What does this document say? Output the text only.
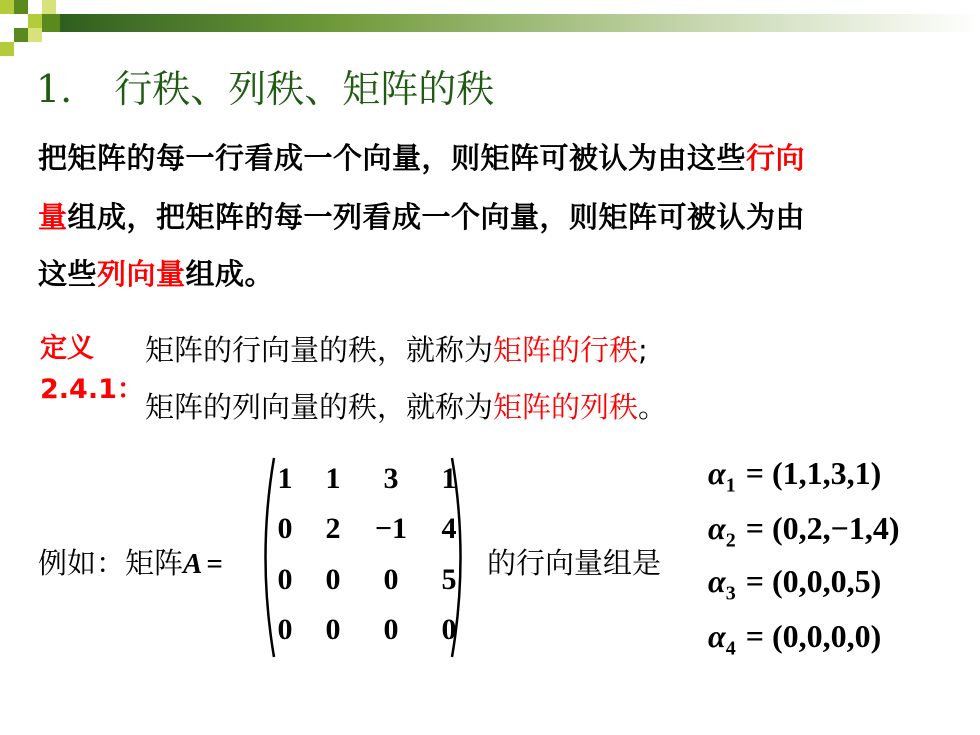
1. 行秩、列秩、矩阵的秩
把矩阵的每一行看成一个向量，则矩阵可被认为由这些行向
量组成，把矩阵的每一列看成一个向量，则矩阵可被认为由
这些列向量组成。
定义
2.4.1：
矩阵的行向量的秩，就称为矩阵的行秩;
矩阵的列向量的秩，就称为矩阵的列秩。
例如：矩阵A =
1	1	3	1
0	2	−1	4
0	0	0	5
0	0	0	0
的行向量组是
$\alpha_1 = (1,1,3,1)$
$\alpha_2 = (0,2,-1,4)$
$\alpha_3 = (0,0,0,5)$
$\alpha_4 = (0,0,0,0)$
